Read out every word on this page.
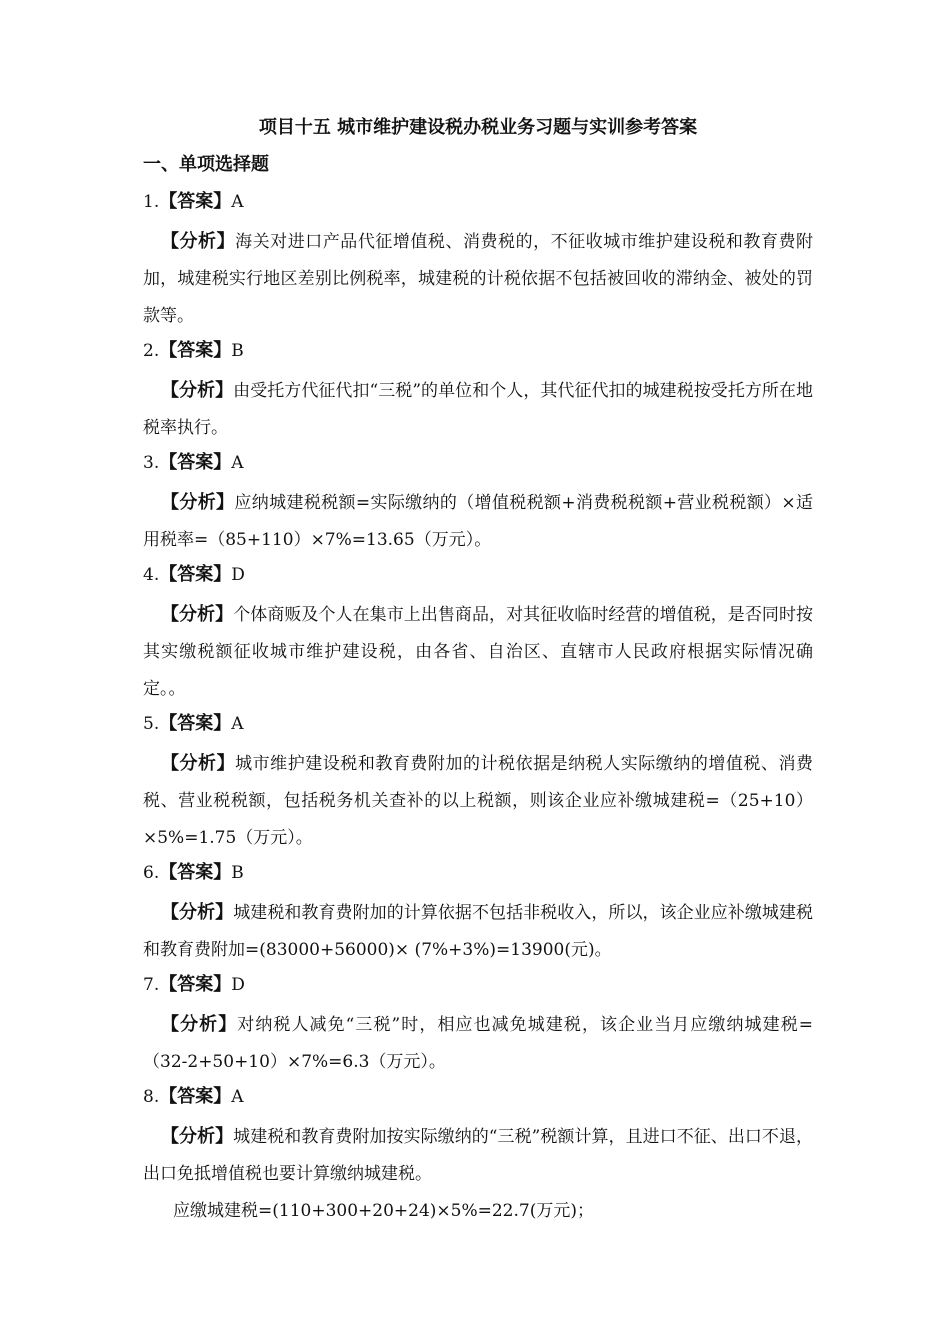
项目十五 城市维护建设税办税业务习题与实训参考答案
一、单项选择题
1.【答案】A
【分析】海关对进口产品代征增值税、消费税的，不征收城市维护建设税和教育费附加，城建税实行地区差别比例税率，城建税的计税依据不包括被回收的滞纳金、被处的罚款等。
2.【答案】B
【分析】由受托方代征代扣“三税”的单位和个人，其代征代扣的城建税按受托方所在地税率执行。
3.【答案】A
【分析】应纳城建税税额=实际缴纳的（增值税税额+消费税税额+营业税税额）×适用税率=（85+110）×7%=13.65（万元）。
4.【答案】D
【分析】个体商贩及个人在集市上出售商品，对其征收临时经营的增值税，是否同时按其实缴税额征收城市维护建设税，由各省、自治区、直辖市人民政府根据实际情况确定。。
5.【答案】A
【分析】城市维护建设税和教育费附加的计税依据是纳税人实际缴纳的增值税、消费税、营业税税额，包括税务机关查补的以上税额，则该企业应补缴城建税=（25+10）×5%=1.75（万元）。
6.【答案】B
【分析】城建税和教育费附加的计算依据不包括非税收入，所以，该企业应补缴城建税和教育费附加=(83000+56000)× (7%+3%)=13900(元)。
7.【答案】D
【分析】对纳税人减免“三税”时，相应也减免城建税，该企业当月应缴纳城建税=（32-2+50+10）×7%=6.3（万元）。
8.【答案】A
【分析】城建税和教育费附加按实际缴纳的“三税”税额计算，且进口不征、出口不退，出口免抵增值税也要计算缴纳城建税。
应缴城建税=(110+300+20+24)×5%=22.7(万元)；
